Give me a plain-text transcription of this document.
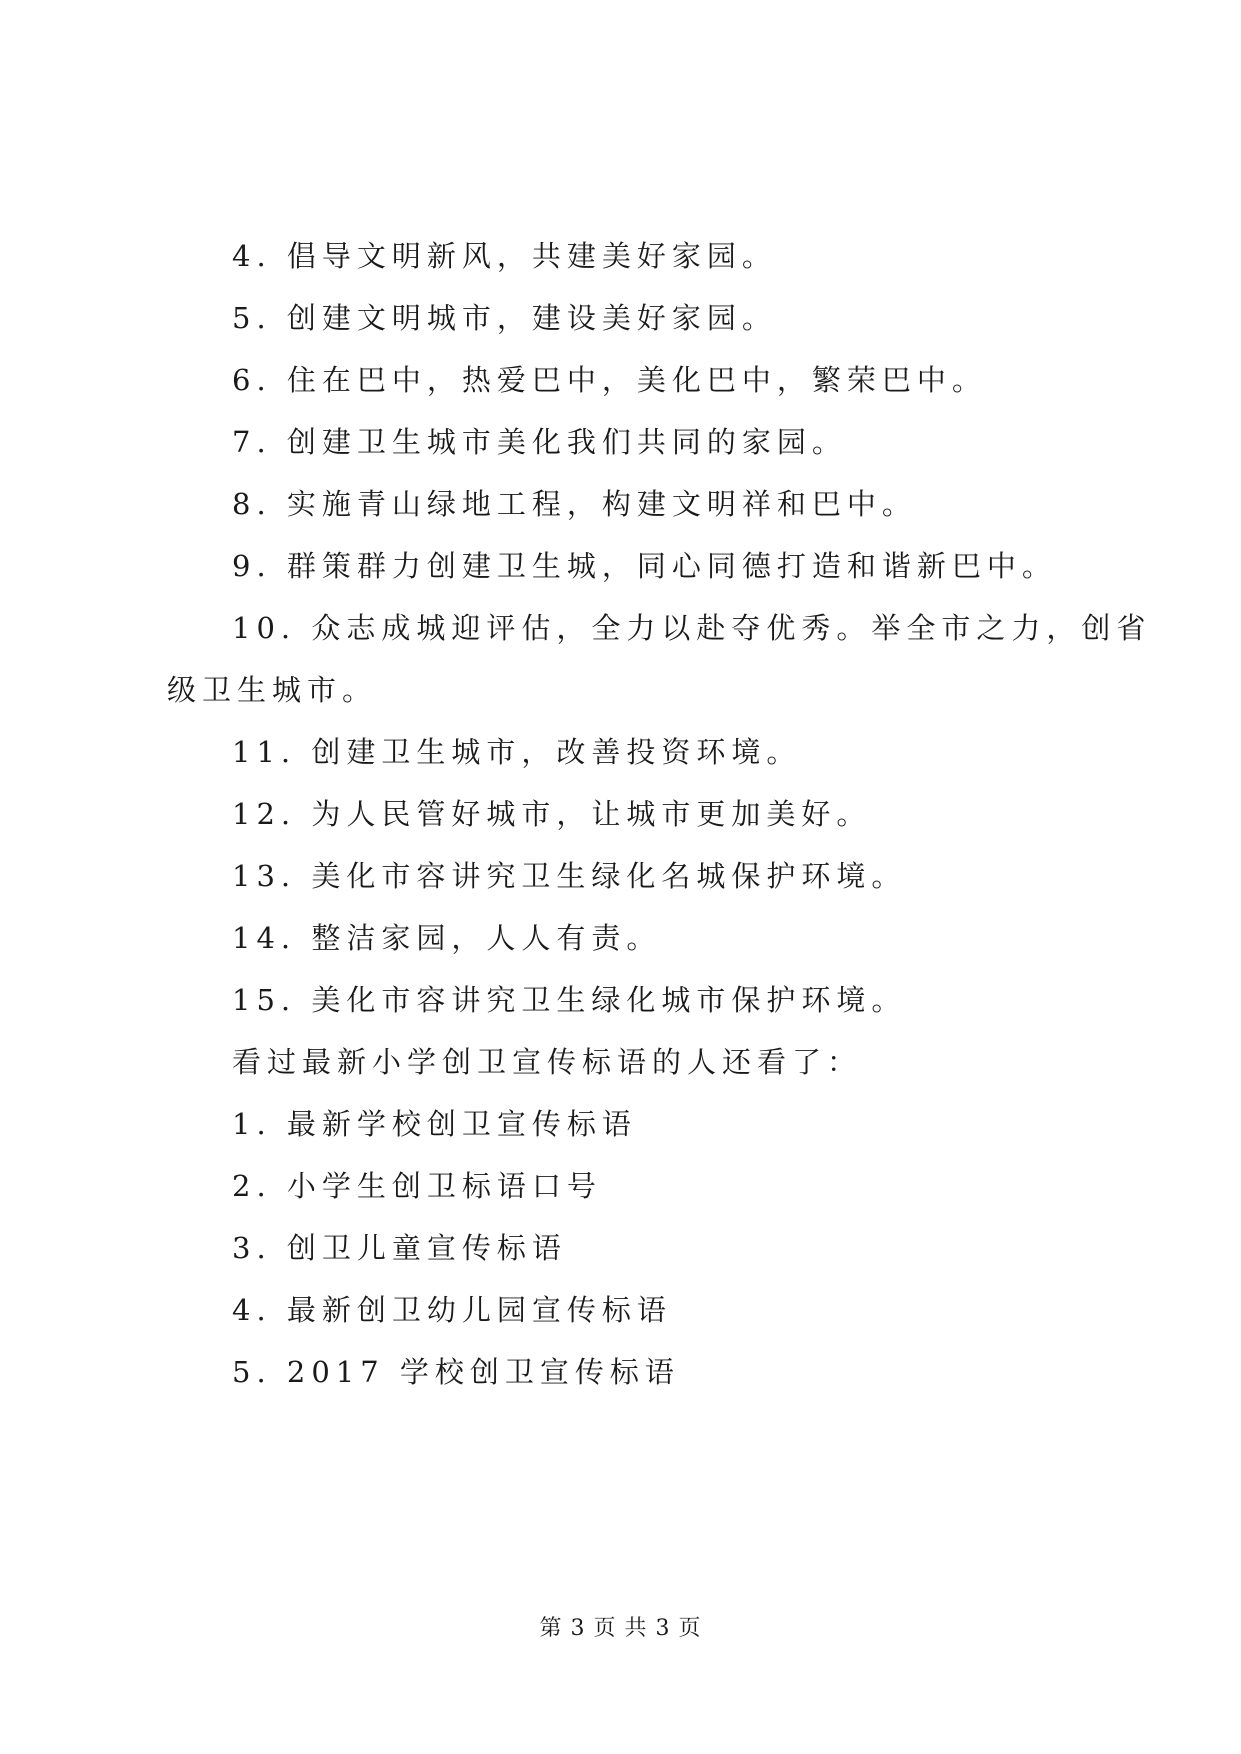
4. 倡导文明新风，共建美好家园。
5. 创建文明城市，建设美好家园。
6. 住在巴中，热爱巴中，美化巴中，繁荣巴中。
7. 创建卫生城市美化我们共同的家园。
8. 实施青山绿地工程，构建文明祥和巴中。
9. 群策群力创建卫生城，同心同德打造和谐新巴中。
10. 众志成城迎评估，全力以赴夺优秀。举全市之力，创省
级卫生城市。
11. 创建卫生城市，改善投资环境。
12. 为人民管好城市，让城市更加美好。
13. 美化市容讲究卫生绿化名城保护环境。
14. 整洁家园，人人有责。
15. 美化市容讲究卫生绿化城市保护环境。
看过最新小学创卫宣传标语的人还看了：
1. 最新学校创卫宣传标语
2. 小学生创卫标语口号
3. 创卫儿童宣传标语
4. 最新创卫幼儿园宣传标语
5. 2017 学校创卫宣传标语
第 3 页 共 3 页
